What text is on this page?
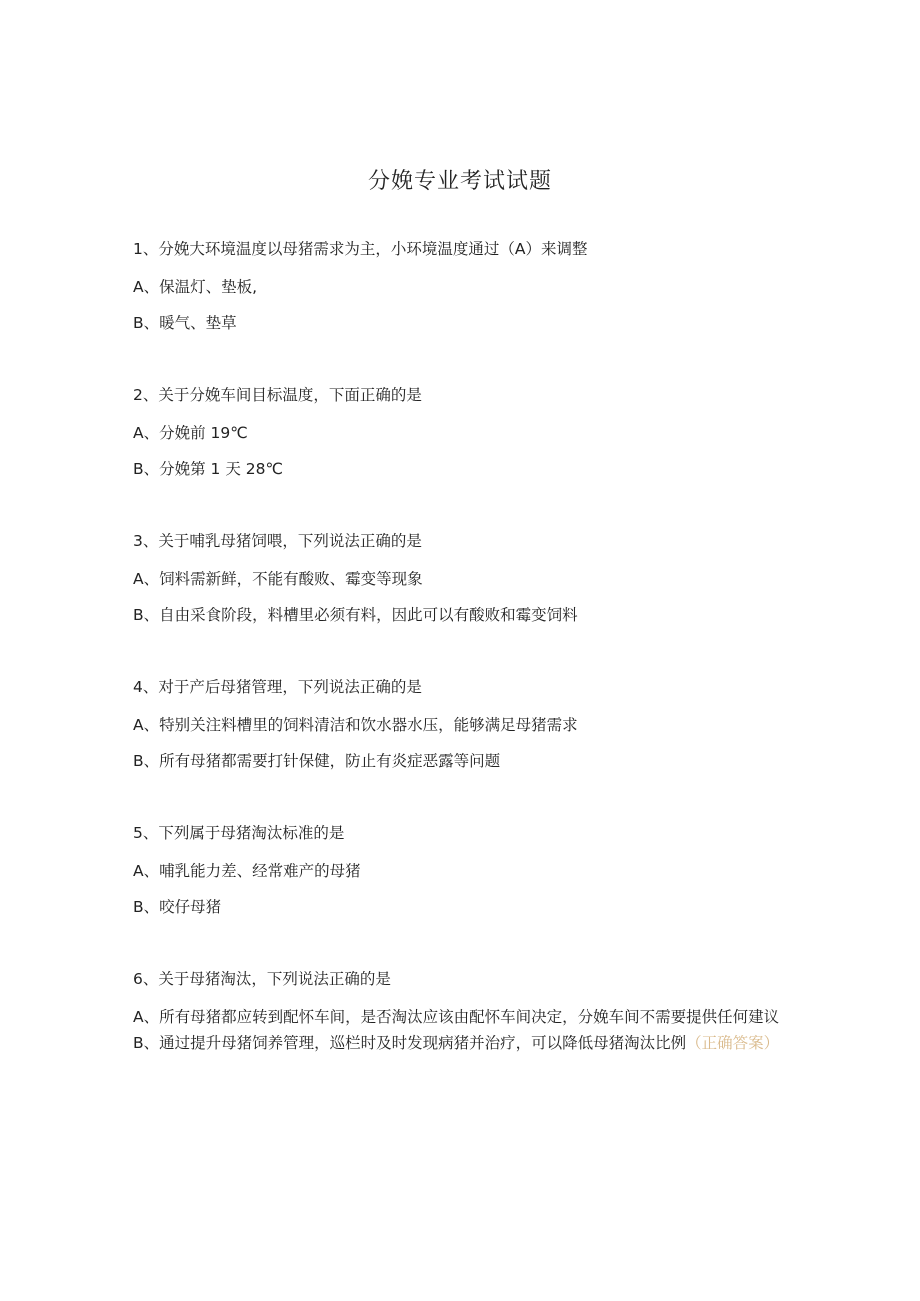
分娩专业考试试题
1、分娩大环境温度以母猪需求为主，小环境温度通过（A）来调整
A、保温灯、垫板,
B、暖气、垫草
2、关于分娩车间目标温度，下面正确的是
A、分娩前 19℃
B、分娩第 1 天 28℃
3、关于哺乳母猪饲喂，下列说法正确的是
A、饲料需新鲜，不能有酸败、霉变等现象
B、自由采食阶段，料槽里必须有料，因此可以有酸败和霉变饲料
4、对于产后母猪管理，下列说法正确的是
A、特别关注料槽里的饲料清洁和饮水器水压，能够满足母猪需求
B、所有母猪都需要打针保健，防止有炎症恶露等问题
5、下列属于母猪淘汰标准的是
A、哺乳能力差、经常难产的母猪
B、咬仔母猪
6、关于母猪淘汰，下列说法正确的是
A、所有母猪都应转到配怀车间，是否淘汰应该由配怀车间决定，分娩车间不需要提供任何建议
B、通过提升母猪饲养管理，巡栏时及时发现病猪并治疗，可以降低母猪淘汰比例（正确答案）
